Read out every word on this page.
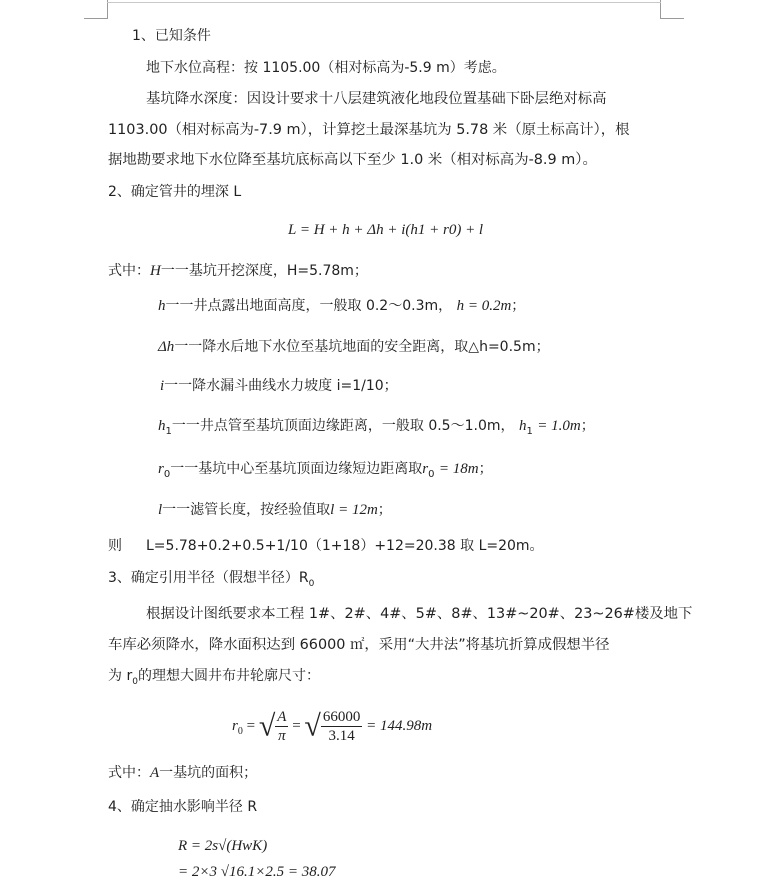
1、已知条件
地下水位高程：按 1105.00（相对标高为-5.9 m）考虑。
基坑降水深度：因设计要求十八层建筑液化地段位置基础下卧层绝对标高
1103.00（相对标高为-7.9 m），计算挖土最深基坑为 5.78 米（原土标高计），根
据地勘要求地下水位降至基坑底标高以下至少 1.0 米（相对标高为-8.9 m）。
2、确定管井的埋深 L
L = H + h + Δh + i(h1 + r0) + l
式中：H一一基坑开挖深度，H=5.78m；
h一一井点露出地面高度，一般取 0.2～0.3m， h = 0.2m；
Δh一一降水后地下水位至基坑地面的安全距离，取△h=0.5m；
i一一降水漏斗曲线水力坡度 i=1/10；
$h_1$一一井点管至基坑顶面边缘距离，一般取 0.5～1.0m， $h_1 = 1.0m$；
$r_0$一一基坑中心至基坑顶面边缘短边距离取$r_0 = 18m$；
l一一滤管长度，按经验值取l = 12m；
则 L=5.78+0.2+0.5+1/10（1+18）+12=20.38 取 L=20m。
3、确定引用半径（假想半径）$R_0$
根据设计图纸要求本工程 1#、2#、4#、5#、8#、13#~20#、23~26#楼及地下
车库必须降水，降水面积达到 66000 ㎡，采用“大井法”将基坑折算成假想半径
为 $r_0$的理想大圆井布井轮廓尺寸：
$r_0$ = √ $\frac{A}{\pi}$ = √ $\frac{66000}{3.14} = 144.98m$
式中：A一基坑的面积；
4、确定抽水影响半径 R
R = 2s√(HwK)
= 2×3 √16.1×2.5 = 38.07
